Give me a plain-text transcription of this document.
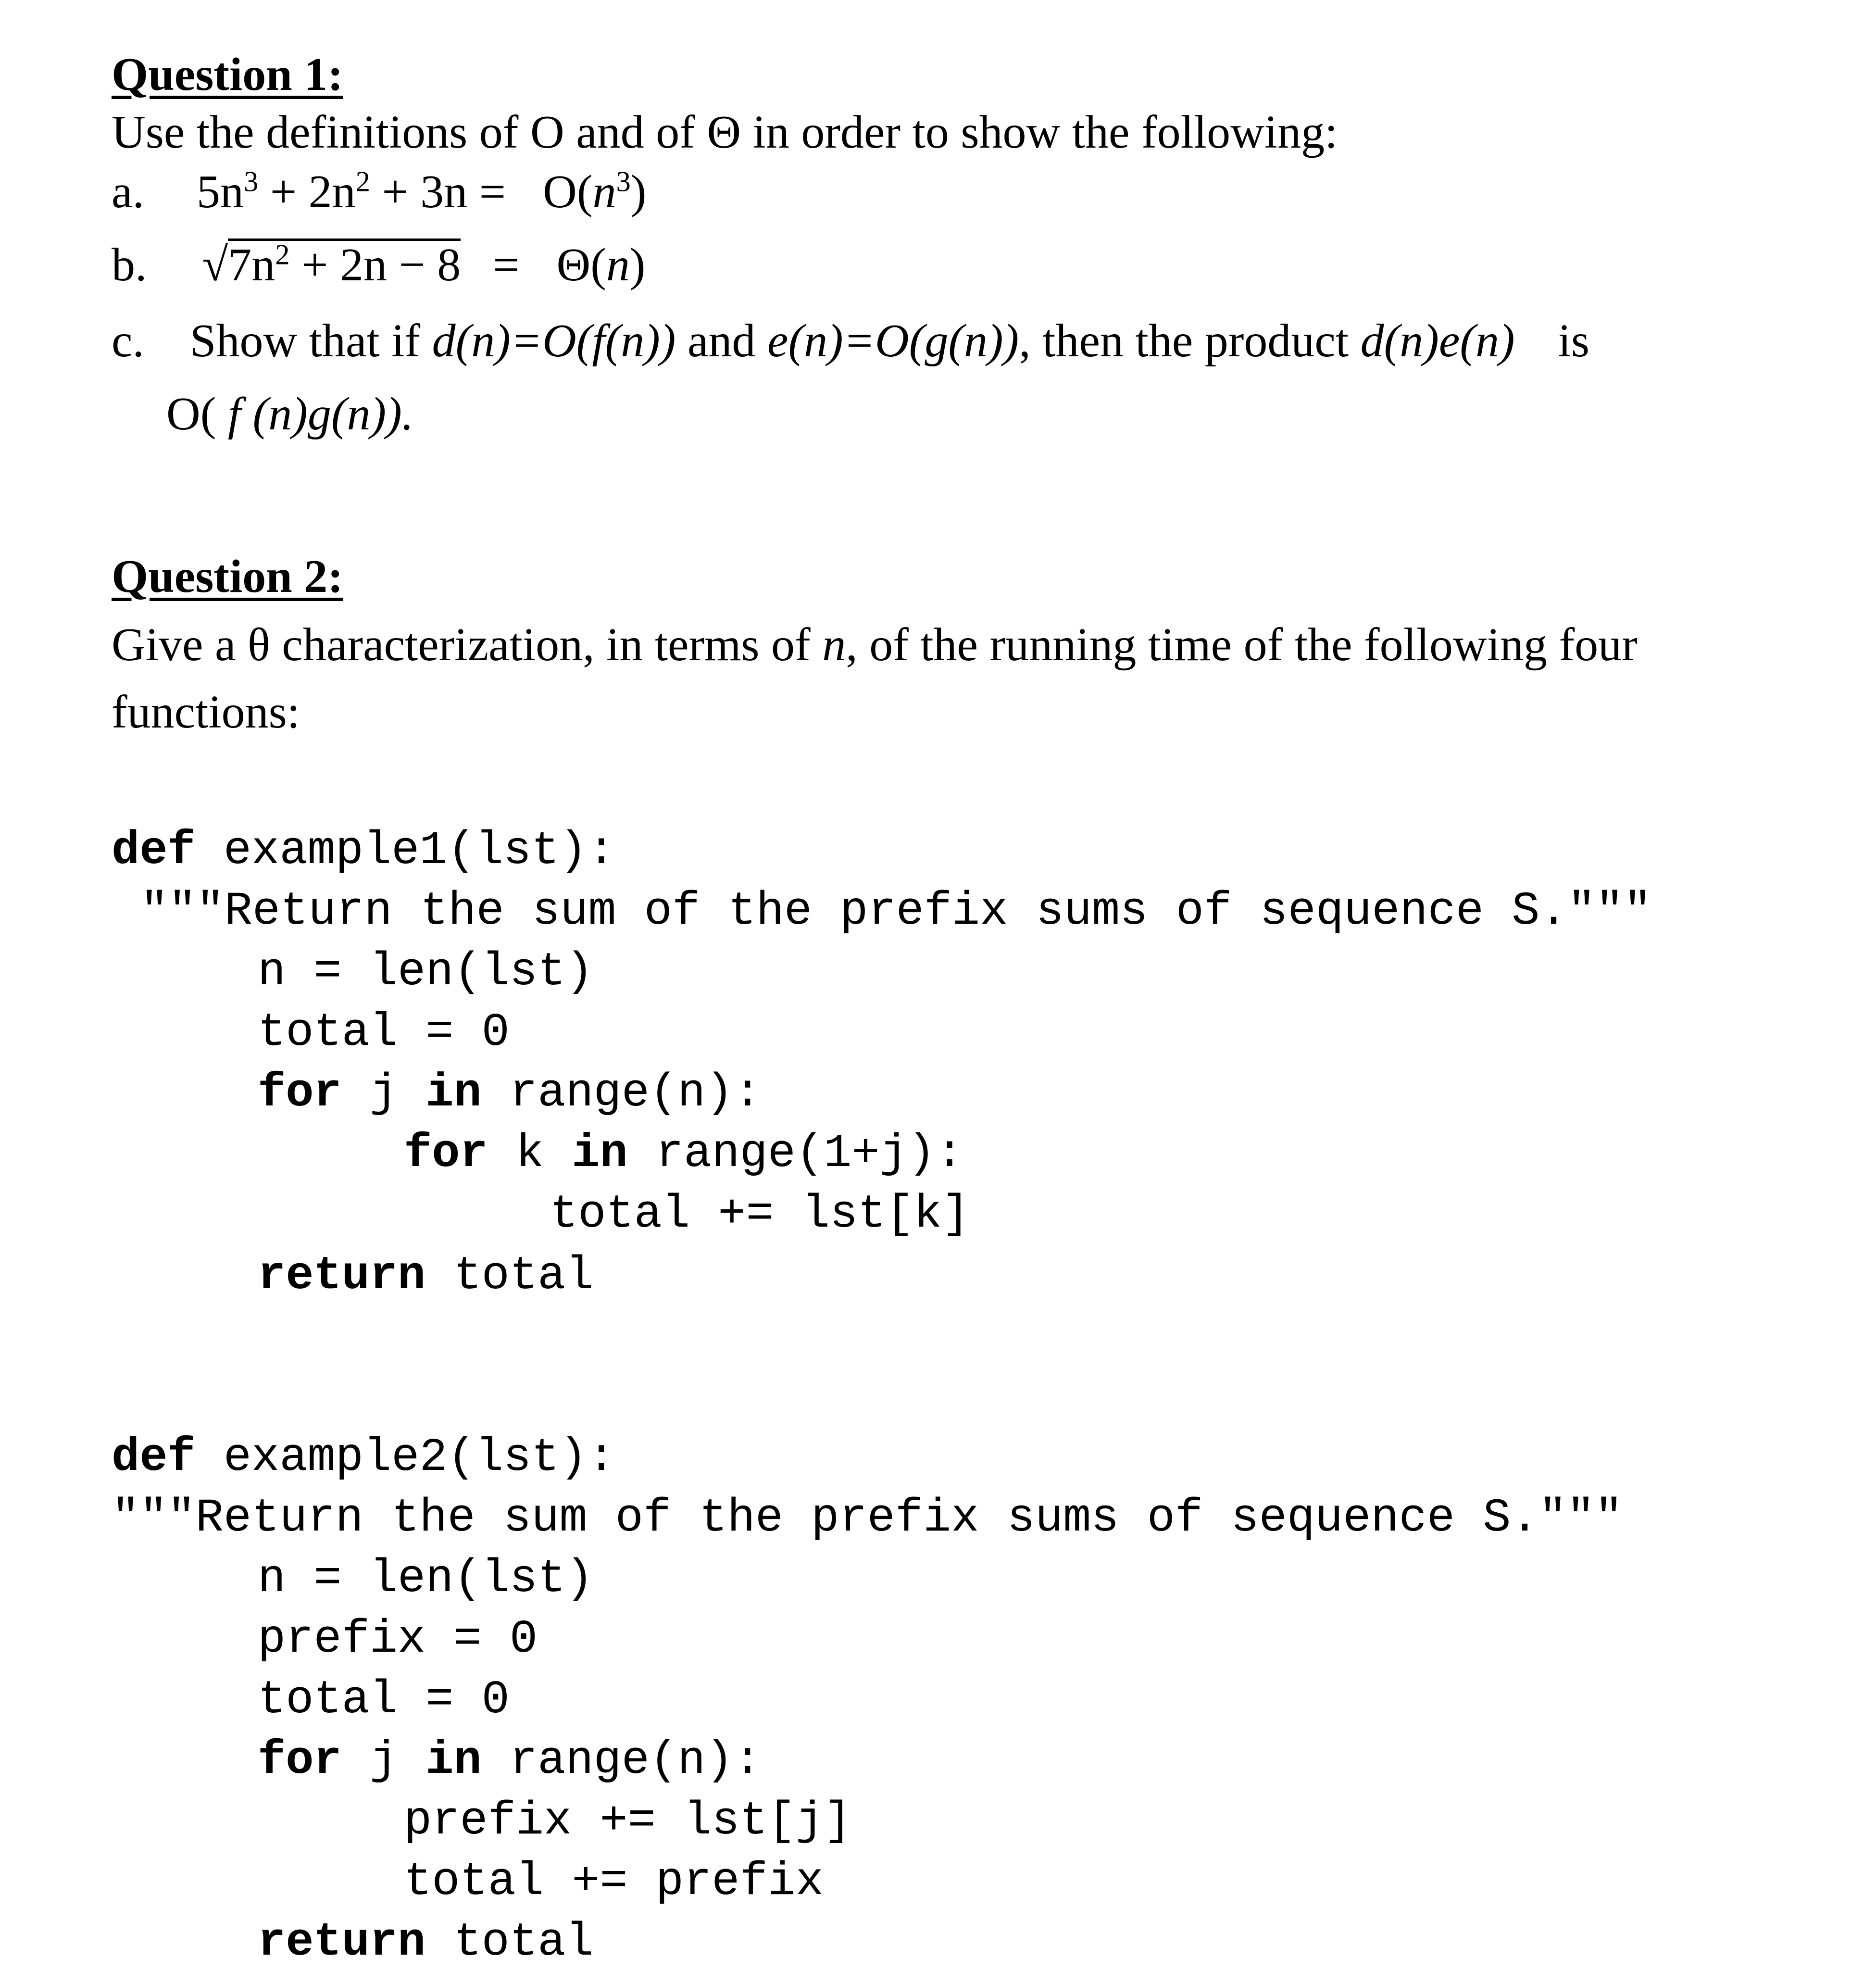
Question 1:
Use the definitions of O and of Θ in order to show the following:
a. $5n^3 + 2n^2 + 3n = O(n^3)$
b. √
$7n^2 + 2n - 8 = \Theta(n)$
c. Show that if d(n)=O(f(n)) and e(n)=O(g(n)), then the product d(n)e(n) is
O( f (n)g(n)).
Question 2:
Give a θ characterization, in terms of n, of the running time of the following four
functions:
def example1(lst):
"""Return the sum of the prefix sums of sequence S."""
n = len(lst)
total = 0
for j in range(n):
for k in range(1+j):
total += lst[k]
return total
def example2(lst):
"""Return the sum of the prefix sums of sequence S."""
n = len(lst)
prefix = 0
total = 0
for j in range(n):
prefix += lst[j]
total += prefix
return total
